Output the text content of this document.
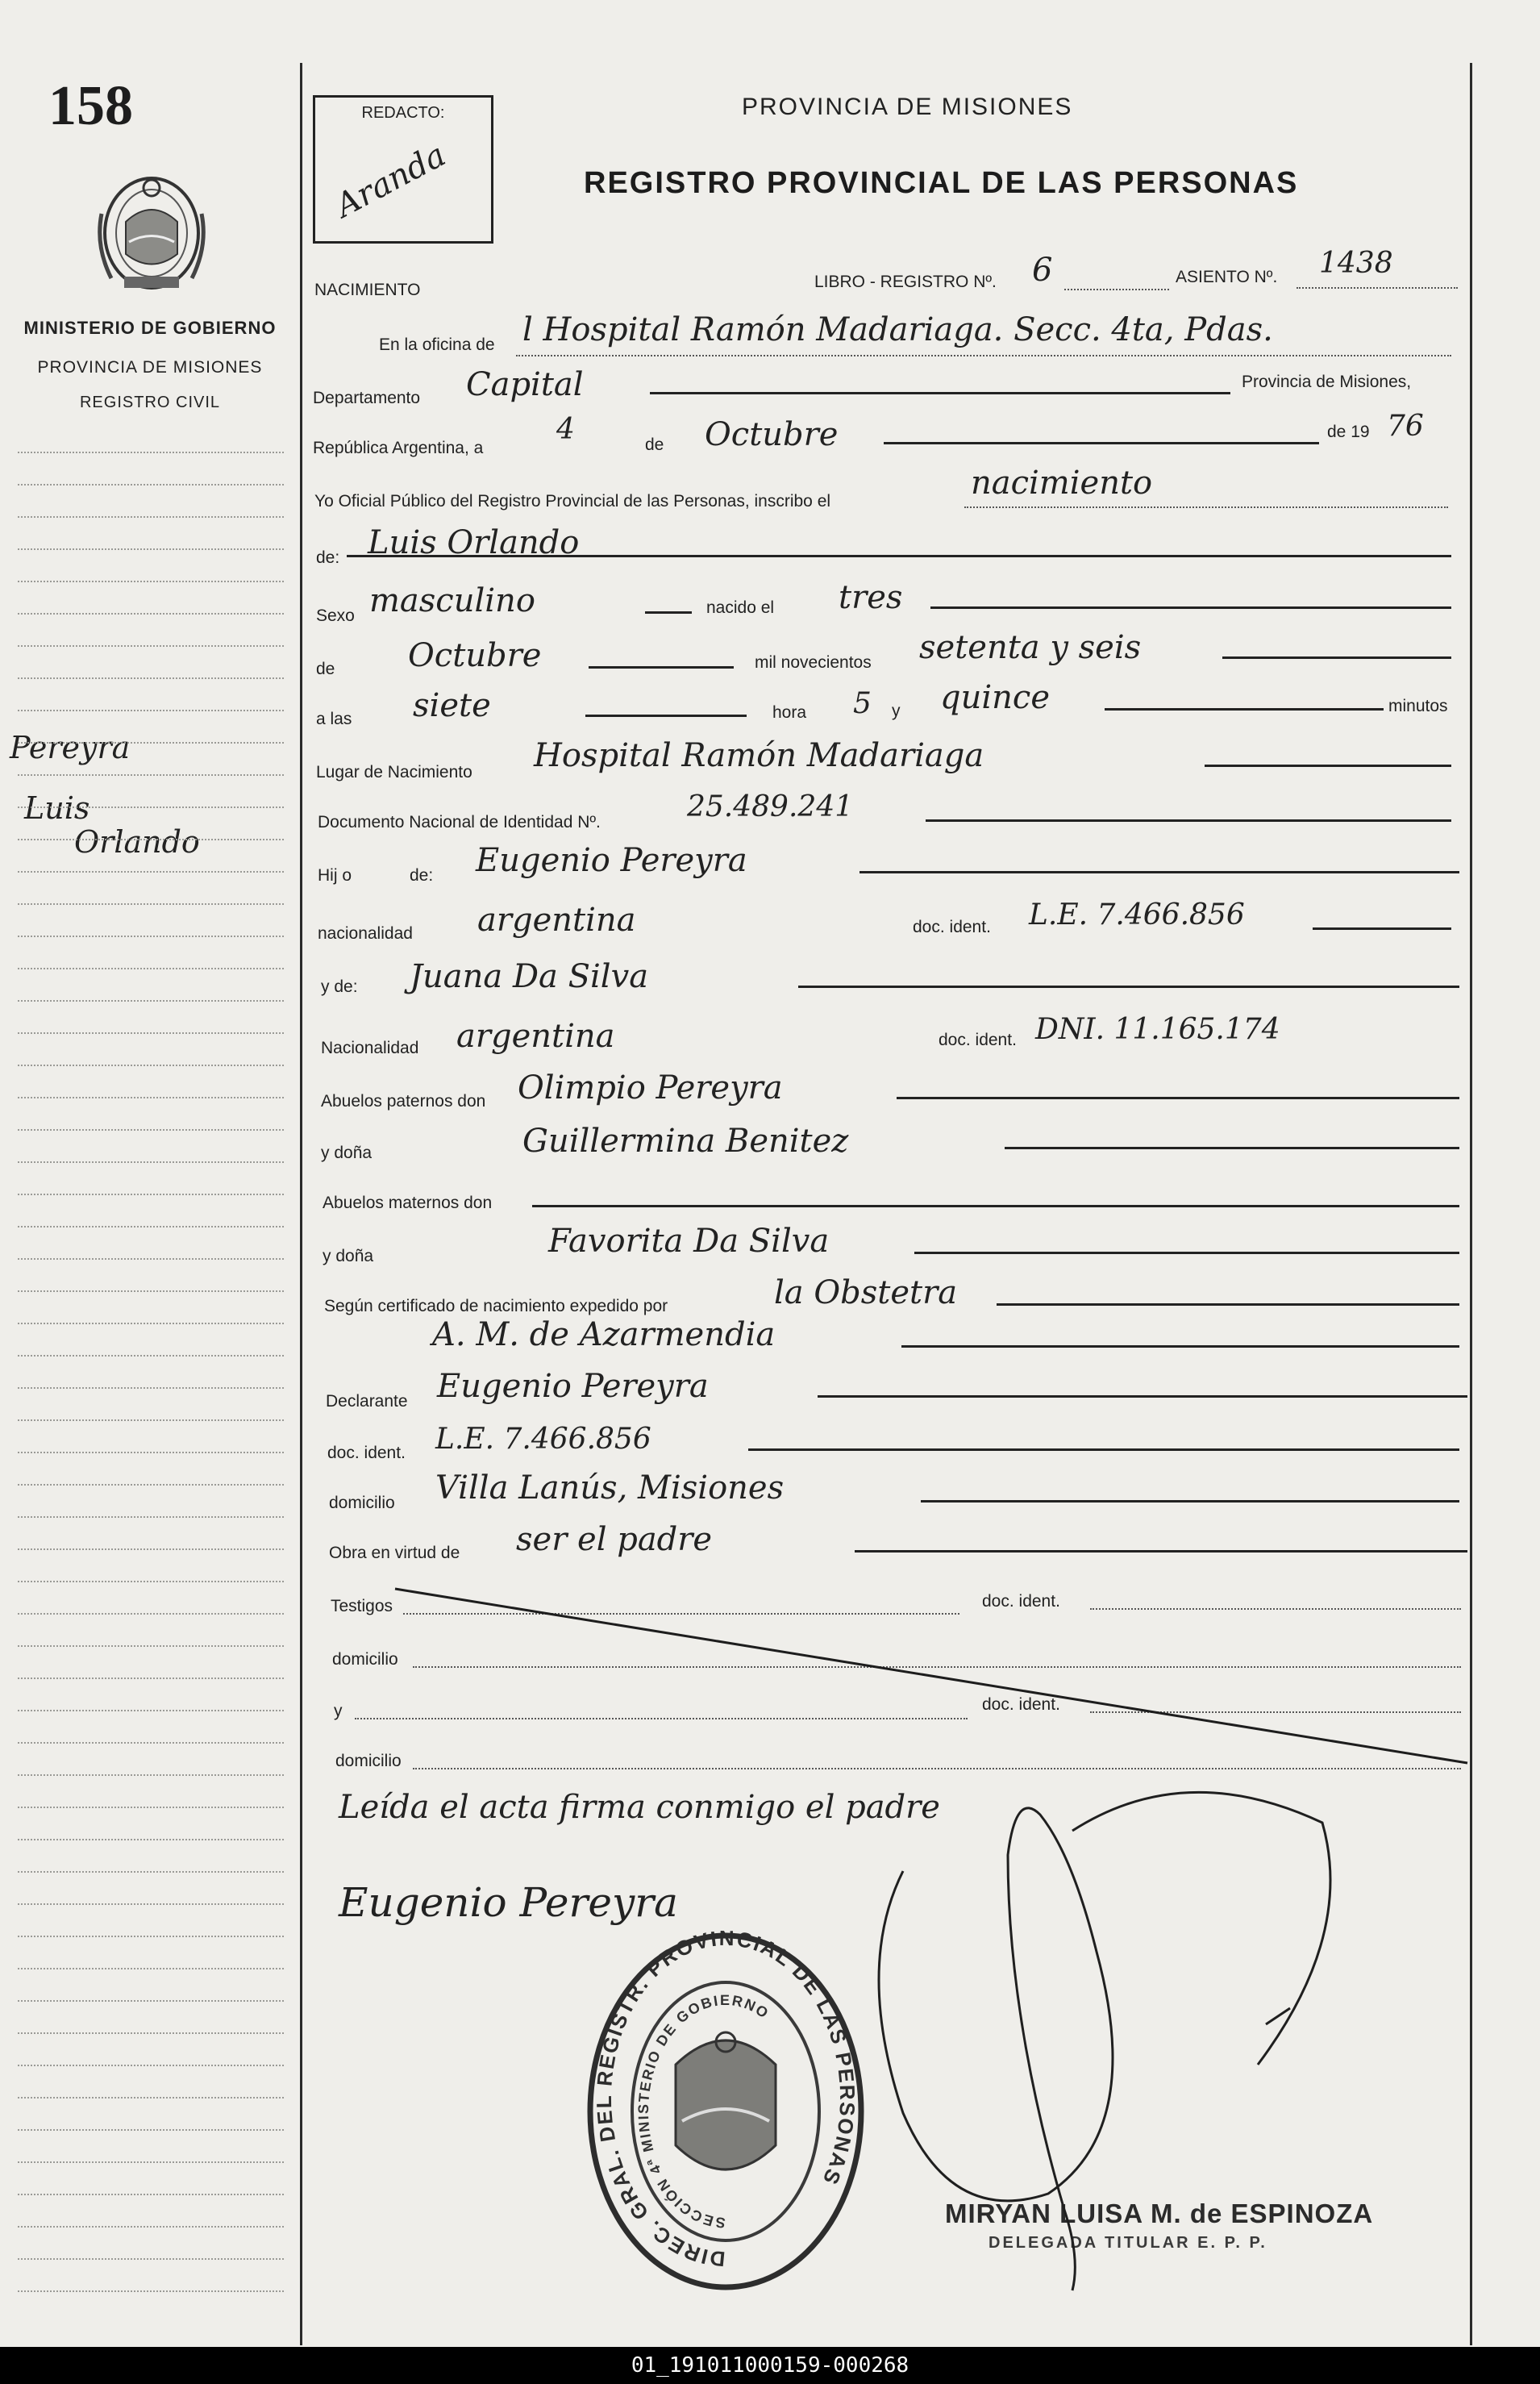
158
MINISTERIO DE GOBIERNO
PROVINCIA DE MISIONES
REGISTRO CIVIL
Pereyra
Luis
Orlando
REDACTO:
Aranda
PROVINCIA DE MISIONES
REGISTRO PROVINCIAL DE LAS PERSONAS
NACIMIENTO	LIBRO - REGISTRO Nº. 6	ASIENTO Nº. 1438
En la oficina de l Hospital Ramón Madariaga. Secc. 4ta, Pdas.
Departamento Capital	Provincia de Misiones,
República Argentina, a
4	de Octubre	de 19 76
Yo Oficial Público del Registro Provincial de las Personas, inscribo el	nacimiento
de: Luis Orlando
Sexo masculino	nacido el tres
de Octubre	mil novecientos setenta y seis
a las siete	hora 5 y quince	minutos
Lugar de Nacimiento Hospital Ramón Madariaga
Documento Nacional de Identidad Nº.	25.489.241
Hij o	de: Eugenio Pereyra
nacionalidad argentina	doc. ident. L.E. 7.466.856
y de: Juana Da Silva
Nacionalidad argentina	doc. ident. DNI. 11.165.174
Abuelos paternos don Olimpio Pereyra
y doña	Guillermina Benitez
Abuelos maternos don
y doña	Favorita Da Silva
Según certificado de nacimiento expedido por	la Obstetra
A. M. de Azarmendia
Declarante Eugenio Pereyra
doc. ident. L.E. 7.466.856
domicilio Villa Lanús, Misiones
Obra en virtud de ser el padre
Testigos	doc. ident.
domicilio
y	doc. ident.
domicilio
Leída el acta firma conmigo el padre
Eugenio Pereyra
MIRYAN LUISA M. de ESPINOZA
DELEGADA TITULAR E. P. P.
DIREC. GRAL. DEL REGISTR. PROVINCIAL DE LAS PERSONAS
SECCIÓN 4ª MINISTERIO DE GOBIERNO
01_191011000159-000268
